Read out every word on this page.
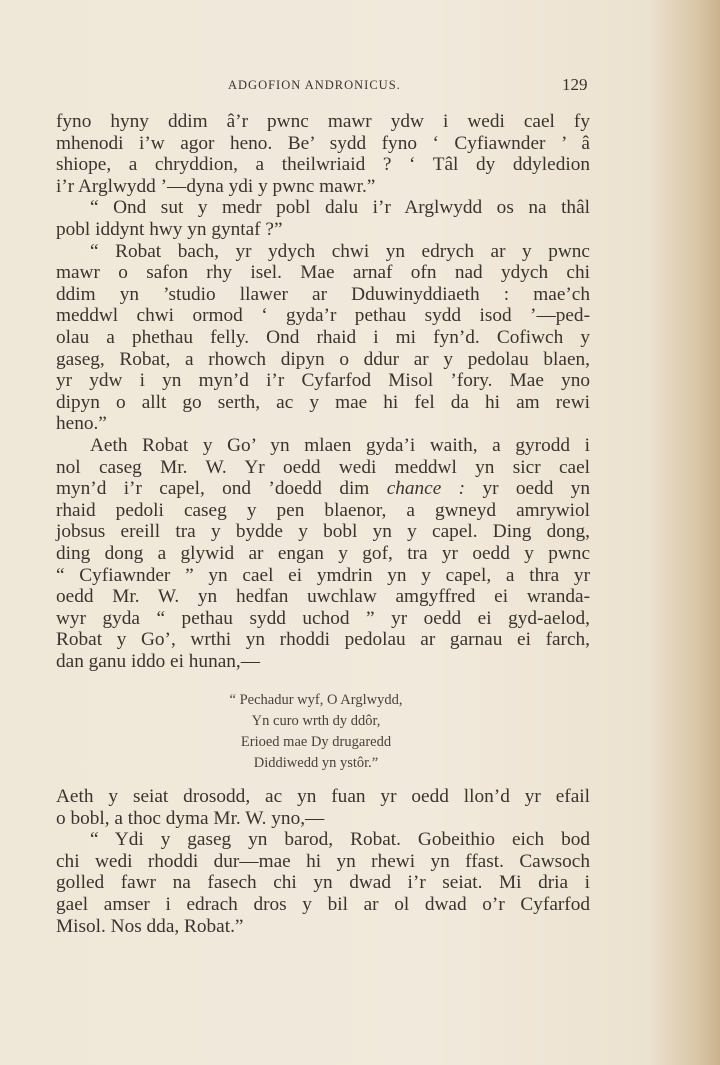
ADGOFION ANDRONICUS.	129
fyno hyny ddim â’r pwnc mawr ydw i wedi cael fy
mhenodi i’w agor heno. Be’ sydd fyno ‘ Cyfiawnder ’ â
shiope, a chryddion, a theilwriaid ? ‘ Tâl dy ddyledion
i’r Arglwydd ’—dyna ydi y pwnc mawr.”
“ Ond sut y medr pobl dalu i’r Arglwydd os na thâl
pobl iddynt hwy yn gyntaf ?”
“ Robat bach, yr ydych chwi yn edrych ar y pwnc
mawr o safon rhy isel. Mae arnaf ofn nad ydych chi
ddim yn ’studio llawer ar Dduwinyddiaeth : mae’ch
meddwl chwi ormod ‘ gyda’r pethau sydd isod ’—ped-
olau a phethau felly. Ond rhaid i mi fyn’d. Cofiwch y
gaseg, Robat, a rhowch dipyn o ddur ar y pedolau blaen,
yr ydw i yn myn’d i’r Cyfarfod Misol ’fory. Mae yno
dipyn o allt go serth, ac y mae hi fel da hi am rewi
heno.”
Aeth Robat y Go’ yn mlaen gyda’i waith, a gyrodd i
nol caseg Mr. W. Yr oedd wedi meddwl yn sicr cael
myn’d i’r capel, ond ’doedd dim chance : yr oedd yn
rhaid pedoli caseg y pen blaenor, a gwneyd amrywiol
jobsus ereill tra y bydde y bobl yn y capel. Ding dong,
ding dong a glywid ar engan y gof, tra yr oedd y pwnc
“ Cyfiawnder ” yn cael ei ymdrin yn y capel, a thra yr
oedd Mr. W. yn hedfan uwchlaw amgyffred ei wranda-
wyr gyda “ pethau sydd uchod ” yr oedd ei gyd-aelod,
Robat y Go’, wrthi yn rhoddi pedolau ar garnau ei farch,
dan ganu iddo ei hunan,—
“ Pechadur wyf, O Arglwydd,
Yn curo wrth dy ddôr,
Erioed mae Dy drugaredd
Diddiwedd yn ystôr.”
Aeth y seiat drosodd, ac yn fuan yr oedd llon’d yr efail
o bobl, a thoc dyma Mr. W. yno,—
“ Ydi y gaseg yn barod, Robat. Gobeithio eich bod
chi wedi rhoddi dur—mae hi yn rhewi yn ffast. Cawsoch
golled fawr na fasech chi yn dwad i’r seiat. Mi dria i
gael amser i edrach dros y bil ar ol dwad o’r Cyfarfod
Misol. Nos dda, Robat.”
